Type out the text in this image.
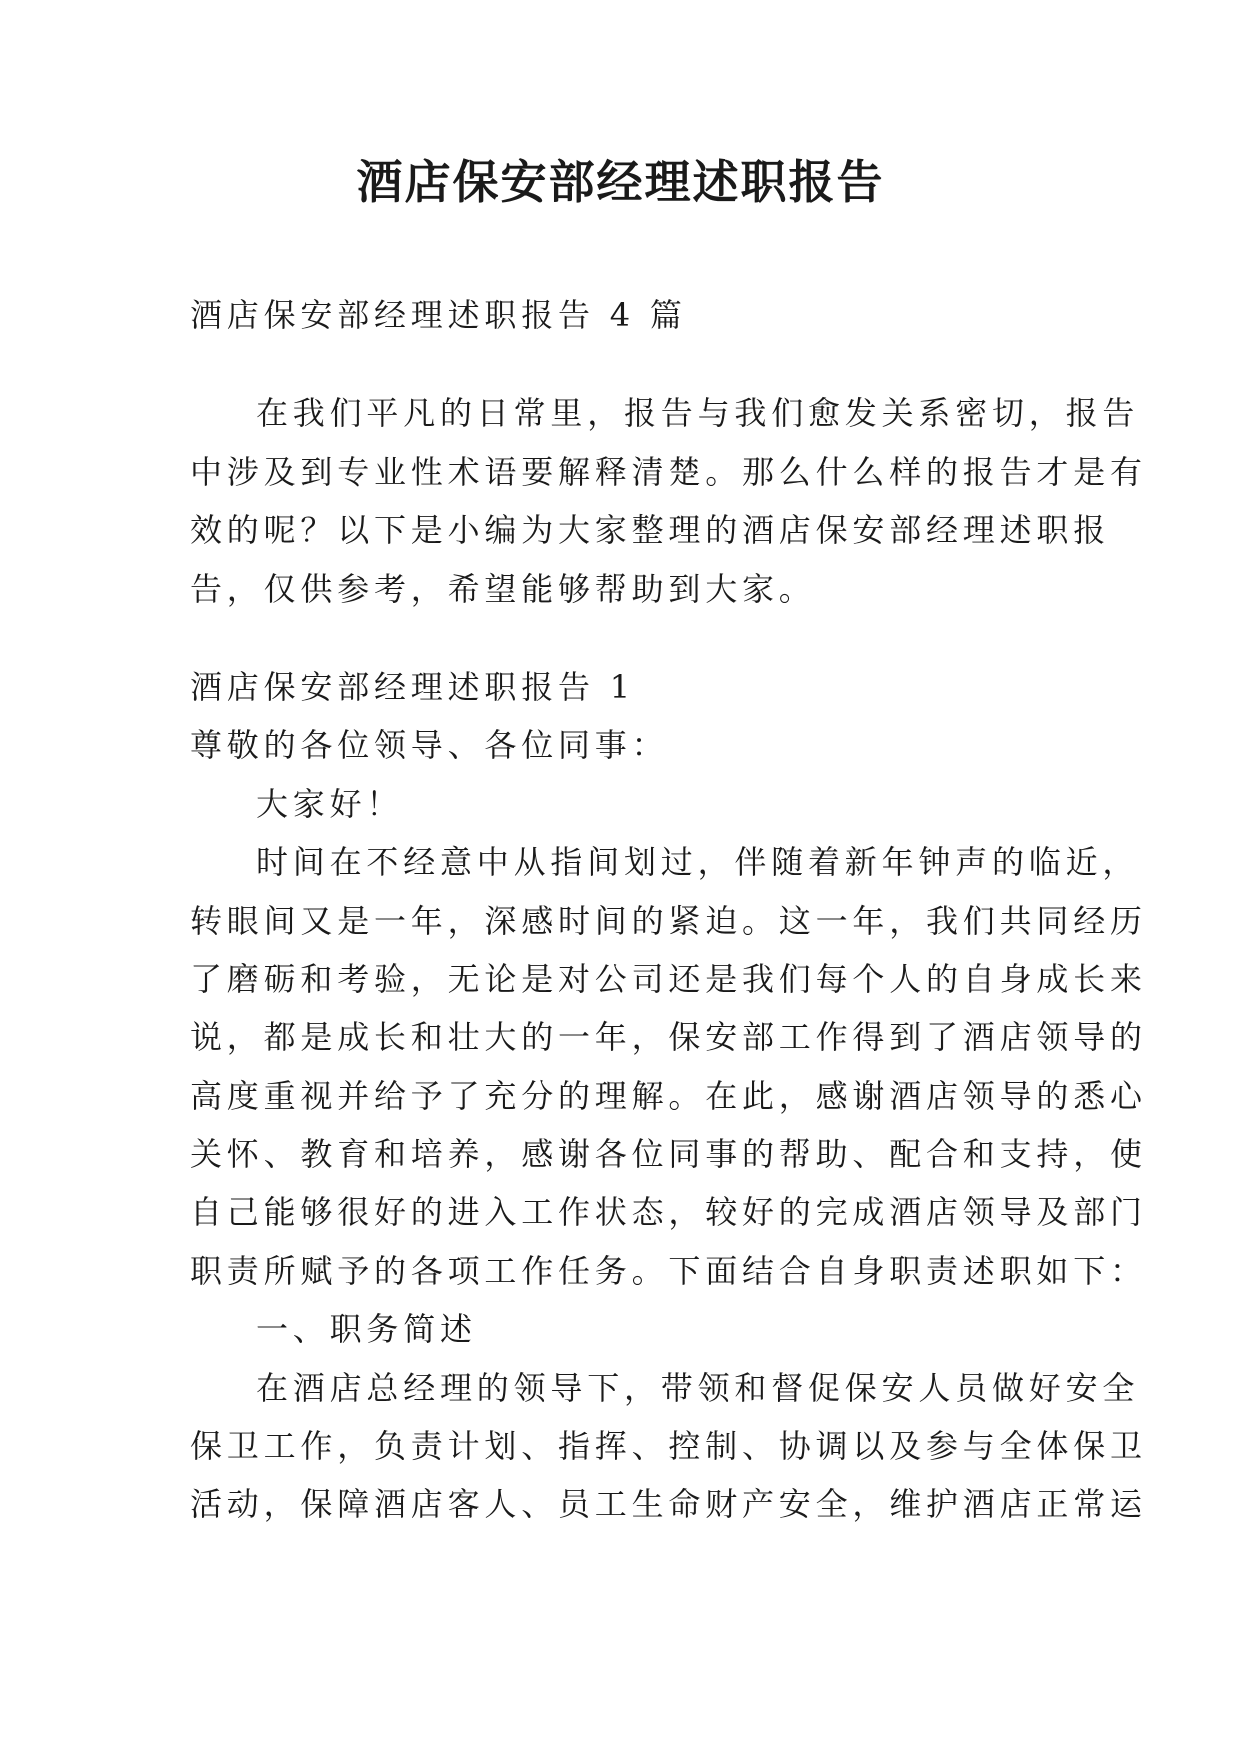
酒店保安部经理述职报告
酒店保安部经理述职报告 4 篇
在我们平凡的日常里，报告与我们愈发关系密切，报告
中涉及到专业性术语要解释清楚。那么什么样的报告才是有
效的呢？以下是小编为大家整理的酒店保安部经理述职报
告，仅供参考，希望能够帮助到大家。
酒店保安部经理述职报告 1
尊敬的各位领导、各位同事：
大家好！
时间在不经意中从指间划过，伴随着新年钟声的临近，
转眼间又是一年，深感时间的紧迫。这一年，我们共同经历
了磨砺和考验，无论是对公司还是我们每个人的自身成长来
说，都是成长和壮大的一年，保安部工作得到了酒店领导的
高度重视并给予了充分的理解。在此，感谢酒店领导的悉心
关怀、教育和培养，感谢各位同事的帮助、配合和支持，使
自己能够很好的进入工作状态，较好的完成酒店领导及部门
职责所赋予的各项工作任务。下面结合自身职责述职如下：
一、职务简述
在酒店总经理的领导下，带领和督促保安人员做好安全
保卫工作，负责计划、指挥、控制、协调以及参与全体保卫
活动，保障酒店客人、员工生命财产安全，维护酒店正常运
